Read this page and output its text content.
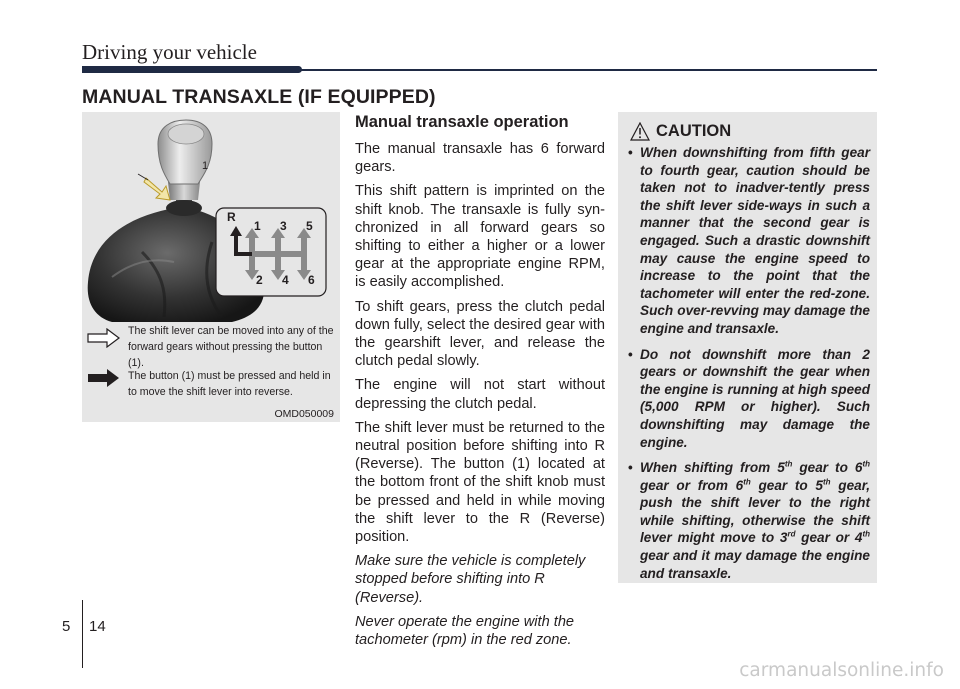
Driving your vehicle
MANUAL TRANSAXLE (IF EQUIPPED)
1
R
1 3 5
2 4 6
The shift lever can be moved into any of the forward gears without pressing the button (1).
The button (1) must be pressed and held in to move the shift lever into reverse.
OMD050009
Manual transaxle operation

The manual transaxle has 6 forward gears.

This shift pattern is imprinted on the shift knob. The transaxle is fully syn-chronized in all forward gears so shifting to either a higher or a lower gear at the appropriate engine RPM, is easily accomplished.

To shift gears, press the clutch pedal down fully, select the desired gear with the gearshift lever, and release the clutch pedal slowly.

The engine will not start without depressing the clutch pedal.

The shift lever must be returned to the neutral position before shifting into R (Reverse). The button (1) located at the bottom front of the shift knob must be pressed and held in while moving the shift lever to the R (Reverse) position.

Make sure the vehicle is completely stopped before shifting into R (Reverse).

Never operate the engine with the tachometer (rpm) in the red zone.

CAUTION
• When downshifting from fifth gear to fourth gear, caution should be taken not to inadver-tently press the shift lever side-ways in such a manner that the second gear is engaged. Such a drastic downshift may cause the engine speed to increase to the point that the tachometer will enter the red-zone. Such over-revving may damage the engine and transaxle.
• Do not downshift more than 2 gears or downshift the gear when the engine is running at high speed (5,000 RPM or higher). Such downshifting may damage the engine.
• When shifting from 5th gear to 6th gear or from 6th gear to 5th gear, push the shift lever to the right while shifting, otherwise the shift lever might move to 3rd gear or 4th gear and it may damage the engine and transaxle.
5 14
carmanualsonline.info
